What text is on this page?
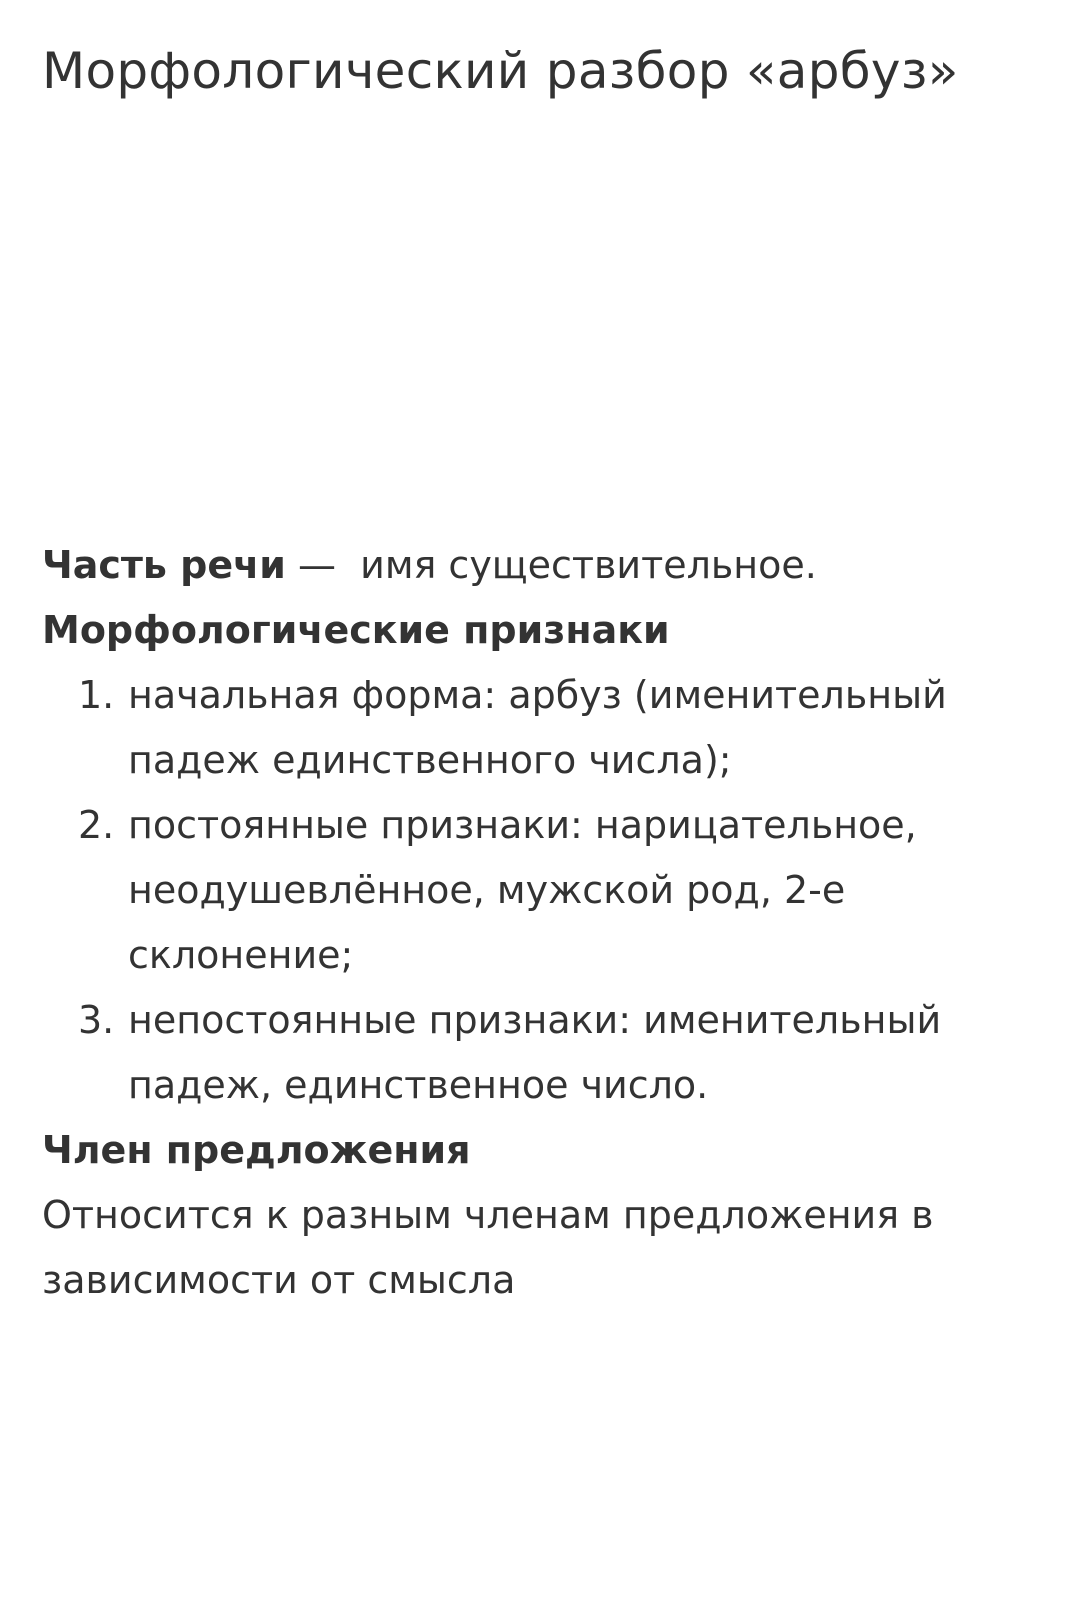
Морфологический разбор «арбуз»

Часть речи — имя существительное.

Морфологические признаки

1. начальная форма: арбуз (именительный падеж единственного числа);
2. постоянные признаки: нарицательное, неодушевлённое, мужской род, 2-е склонение;
3. непостоянные признаки: именительный падеж, единственное число.

Член предложения

Относится к разным членам предложения в зависимости от смысла
